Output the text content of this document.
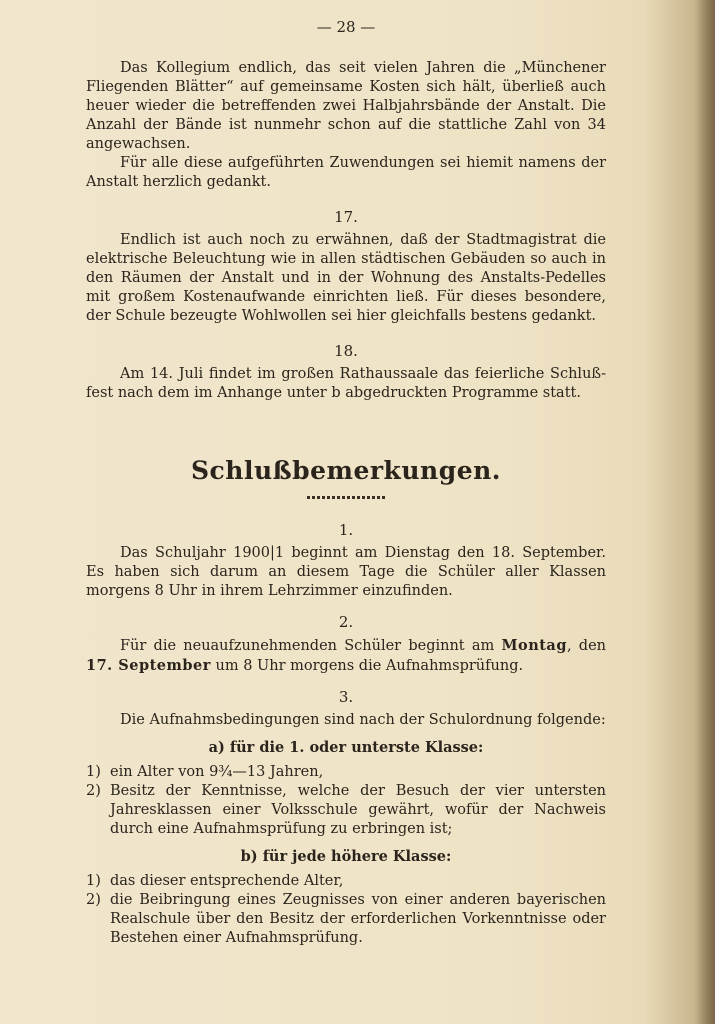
— 28 —

Das Kollegium endlich, das seit vielen Jahren die „Münchener Fliegenden Blätter“ auf gemeinsame Kosten sich hält, überließ auch heuer wieder die betreffenden zwei Halbjahrsbände der Anstalt. Die Anzahl der Bände ist nunmehr schon auf die stattliche Zahl von 34 angewachsen.

Für alle diese aufgeführten Zuwendungen sei hiemit namens der Anstalt herzlich gedankt.

17.

Endlich ist auch noch zu erwähnen, daß der Stadtmagistrat die elektrische Beleuchtung wie in allen städtischen Gebäuden so auch in den Räumen der Anstalt und in der Wohnung des Anstalts-Pedelles mit großem Kostenaufwande einrichten ließ. Für dieses besondere, der Schule bezeugte Wohlwollen sei hier gleichfalls bestens gedankt.

18.

Am 14. Juli findet im großen Rathaussaale das feierliche Schluß-fest nach dem im Anhange unter b abgedruckten Programme statt.

Schlußbemerkungen.
1.

Das Schuljahr 1900|1 beginnt am Dienstag den 18. September. Es haben sich darum an diesem Tage die Schüler aller Klassen morgens 8 Uhr in ihrem Lehrzimmer einzufinden.

2.

Für die neuaufzunehmenden Schüler beginnt am Montag, den 17. September um 8 Uhr morgens die Aufnahmsprüfung.

3.

Die Aufnahmsbedingungen sind nach der Schulordnung folgende:

a) für die 1. oder unterste Klasse:
1) ein Alter von 9¾—13 Jahren,
2) Besitz der Kenntnisse, welche der Besuch der vier untersten Jahresklassen einer Volksschule gewährt, wofür der Nachweis durch eine Aufnahmsprüfung zu erbringen ist;
b) für jede höhere Klasse:
1) das dieser entsprechende Alter,
2) die Beibringung eines Zeugnisses von einer anderen bayerischen Realschule über den Besitz der erforderlichen Vorkenntnisse oder Bestehen einer Aufnahmsprüfung.
